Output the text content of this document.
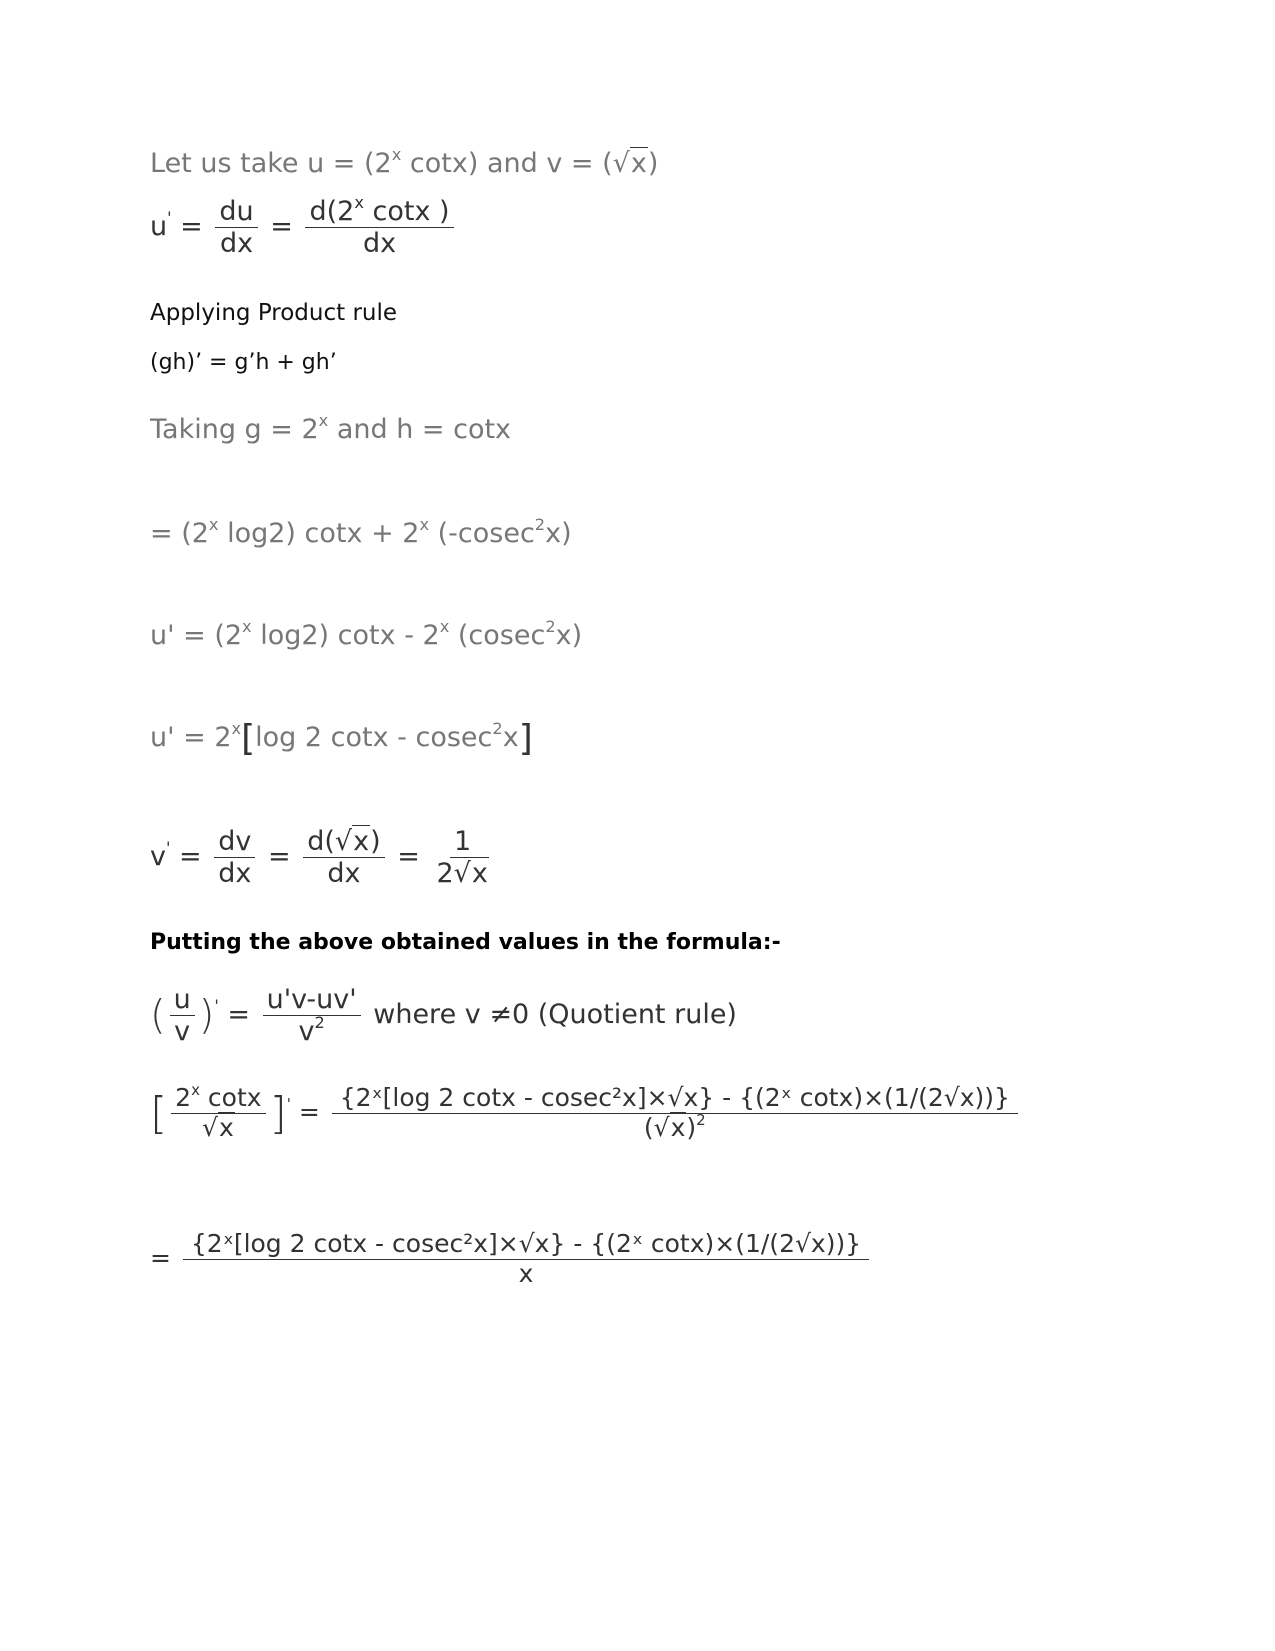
Let us take $u = (2^x$ cotx) and v = (√x)
$u' = \frac{du}{dx} = \frac{d(2^x \cot x )}{dx}$
Applying Product rule
(gh)’ = g’h + gh’
Taking $g = 2^x$ and h = cotx
= ($2^x$ log2) $\cot x + 2^x$ (-cosec$^2$x)
$u' = (2^x$ log2) cotx - 2$^x$ (cosec$^2$x)
$u' = 2^x[\log$ 2 cotx - cosec$^2$x]
$v' = \frac{dv}{dx} = \frac{d(√x)}{dx} = \frac{1}{2√x}$
Putting the above obtained values in the formula:-
( $\frac{u}{v} )' = \frac{u'v-uv'}{v^2}$ where v ≠0 (Quotient rule)
[ $\frac{2^x \cot x}{√x} ]' = \frac{\text{\{2ˣ[log 2 cotx - cosec²x]×√x\} - \{(2ˣ cotx)×(1/(2√x))\}}}{(√x)^2}$
= $\frac{\text{\{2ˣ[log 2 cotx - cosec²x]×√x\} - \{(2ˣ cotx)×(1/(2√x))\}}}{x}$
